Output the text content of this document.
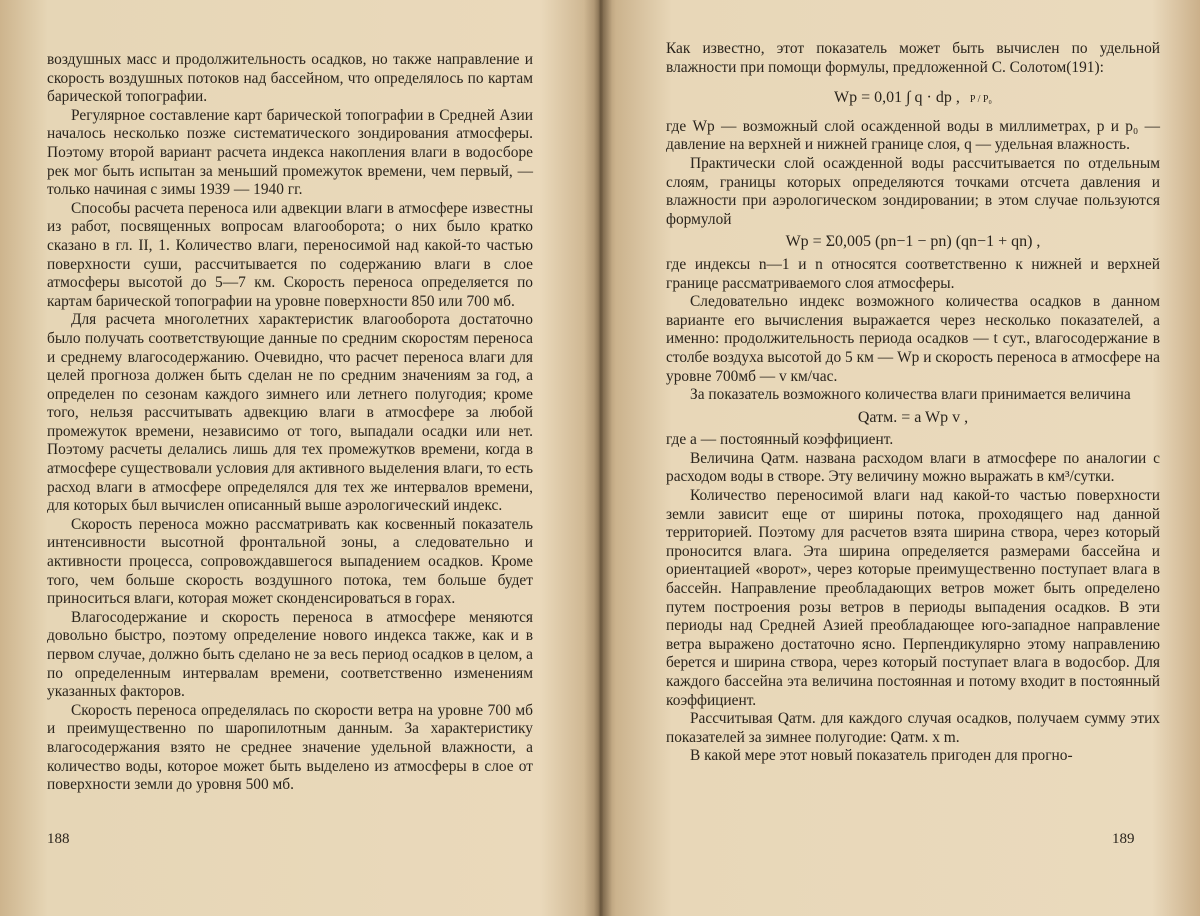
воздушных масс и продолжительность осадков, но также направление и скорость воздушных потоков над бассейном, что определялось по картам барической топографии.

Регулярное составление карт барической топографии в Средней Азии началось несколько позже систематического зондирования атмосферы. Поэтому второй вариант расчета индекса накопления влаги в водосборе рек мог быть испытан за меньший промежуток времени, чем первый, — только начиная с зимы 1939 — 1940 гг.

Способы расчета переноса или адвекции влаги в атмосфере известны из работ, посвященных вопросам влагооборота; о них было кратко сказано в гл. II, 1. Количество влаги, переносимой над какой-то частью поверхности суши, рассчитывается по содержанию влаги в слое атмосферы высотой до 5—7 км. Скорость переноса определяется по картам барической топографии на уровне поверхности 850 или 700 мб.

Для расчета многолетних характеристик влагооборота достаточно было получать соответствующие данные по средним скоростям переноса и среднему влагосодержанию. Очевидно, что расчет переноса влаги для целей прогноза должен быть сделан не по средним значениям за год, а определен по сезонам каждого зимнего или летнего полугодия; кроме того, нельзя рассчитывать адвекцию влаги в атмосфере за любой промежуток времени, независимо от того, выпадали осадки или нет. Поэтому расчеты делались лишь для тех промежутков времени, когда в атмосфере существовали условия для активного выделения влаги, то есть расход влаги в атмосфере определялся для тех же интервалов времени, для которых был вычислен описанный выше аэрологический индекс.

Скорость переноса можно рассматривать как косвенный показатель интенсивности высотной фронтальной зоны, а следовательно и активности процесса, сопровождавшегося выпадением осадков. Кроме того, чем больше скорость воздушного потока, тем больше будет приноситься влаги, которая может сконденсироваться в горах.

Влагосодержание и скорость переноса в атмосфере меняются довольно быстро, поэтому определение нового индекса также, как и в первом случае, должно быть сделано не за весь период осадков в целом, а по определенным интервалам времени, соответственно изменениям указанных факторов.

Скорость переноса определялась по скорости ветра на уровне 700 мб и преимущественно по шаропилотным данным. За характеристику влагосодержания взято не среднее значение удельной влажности, а количество воды, которое может быть выделено из атмосферы в слое от поверхности земли до уровня 500 мб.

188

Как известно, этот показатель может быть вычислен по удельной влажности при помощи формулы, предложенной С. Солотом(191):

Wp = 0,01 ∫ q · dp , P / P₀

где Wp — возможный слой осажденной воды в миллиметрах, p и p₀ — давление на верхней и нижней границе слоя, q — удельная влажность.

Практически слой осажденной воды рассчитывается по отдельным слоям, границы которых определяются точками отсчета давления и влажности при аэрологическом зондировании; в этом случае пользуются формулой

Wp = Σ0,005 (pn−1 − pn) (qn−1 + qn) ,

где индексы n—1 и n относятся соответственно к нижней и верхней границе рассматриваемого слоя атмосферы.

Следовательно индекс возможного количества осадков в данном варианте его вычисления выражается через несколько показателей, а именно: продолжительность периода осадков — t сут., влагосодержание в столбе воздуха высотой до 5 км — Wp и скорость переноса в атмосфере на уровне 700мб — v км/час.

За показатель возможного количества влаги принимается величина

Qатм. = a Wp v ,

где a — постоянный коэффициент.

Величина Qатм. названа расходом влаги в атмосфере по аналогии с расходом воды в створе. Эту величину можно выражать в км³/сутки.

Количество переносимой влаги над какой-то частью поверхности земли зависит еще от ширины потока, проходящего над данной территорией. Поэтому для расчетов взята ширина створа, через который проносится влага. Эта ширина определяется размерами бассейна и ориентацией «ворот», через которые преимущественно поступает влага в бассейн. Направление преобладающих ветров может быть определено путем построения розы ветров в периоды выпадения осадков. В эти периоды над Средней Азией преобладающее юго-западное направление ветра выражено достаточно ясно. Перпендикулярно этому направлению берется и ширина створа, через который поступает влага в водосбор. Для каждого бассейна эта величина постоянная и потому входит в постоянный коэффициент.

Рассчитывая Qатм. для каждого случая осадков, получаем сумму этих показателей за зимнее полугодие: Qатм. x m.

В какой мере этот новый показатель пригоден для прогно-

189
